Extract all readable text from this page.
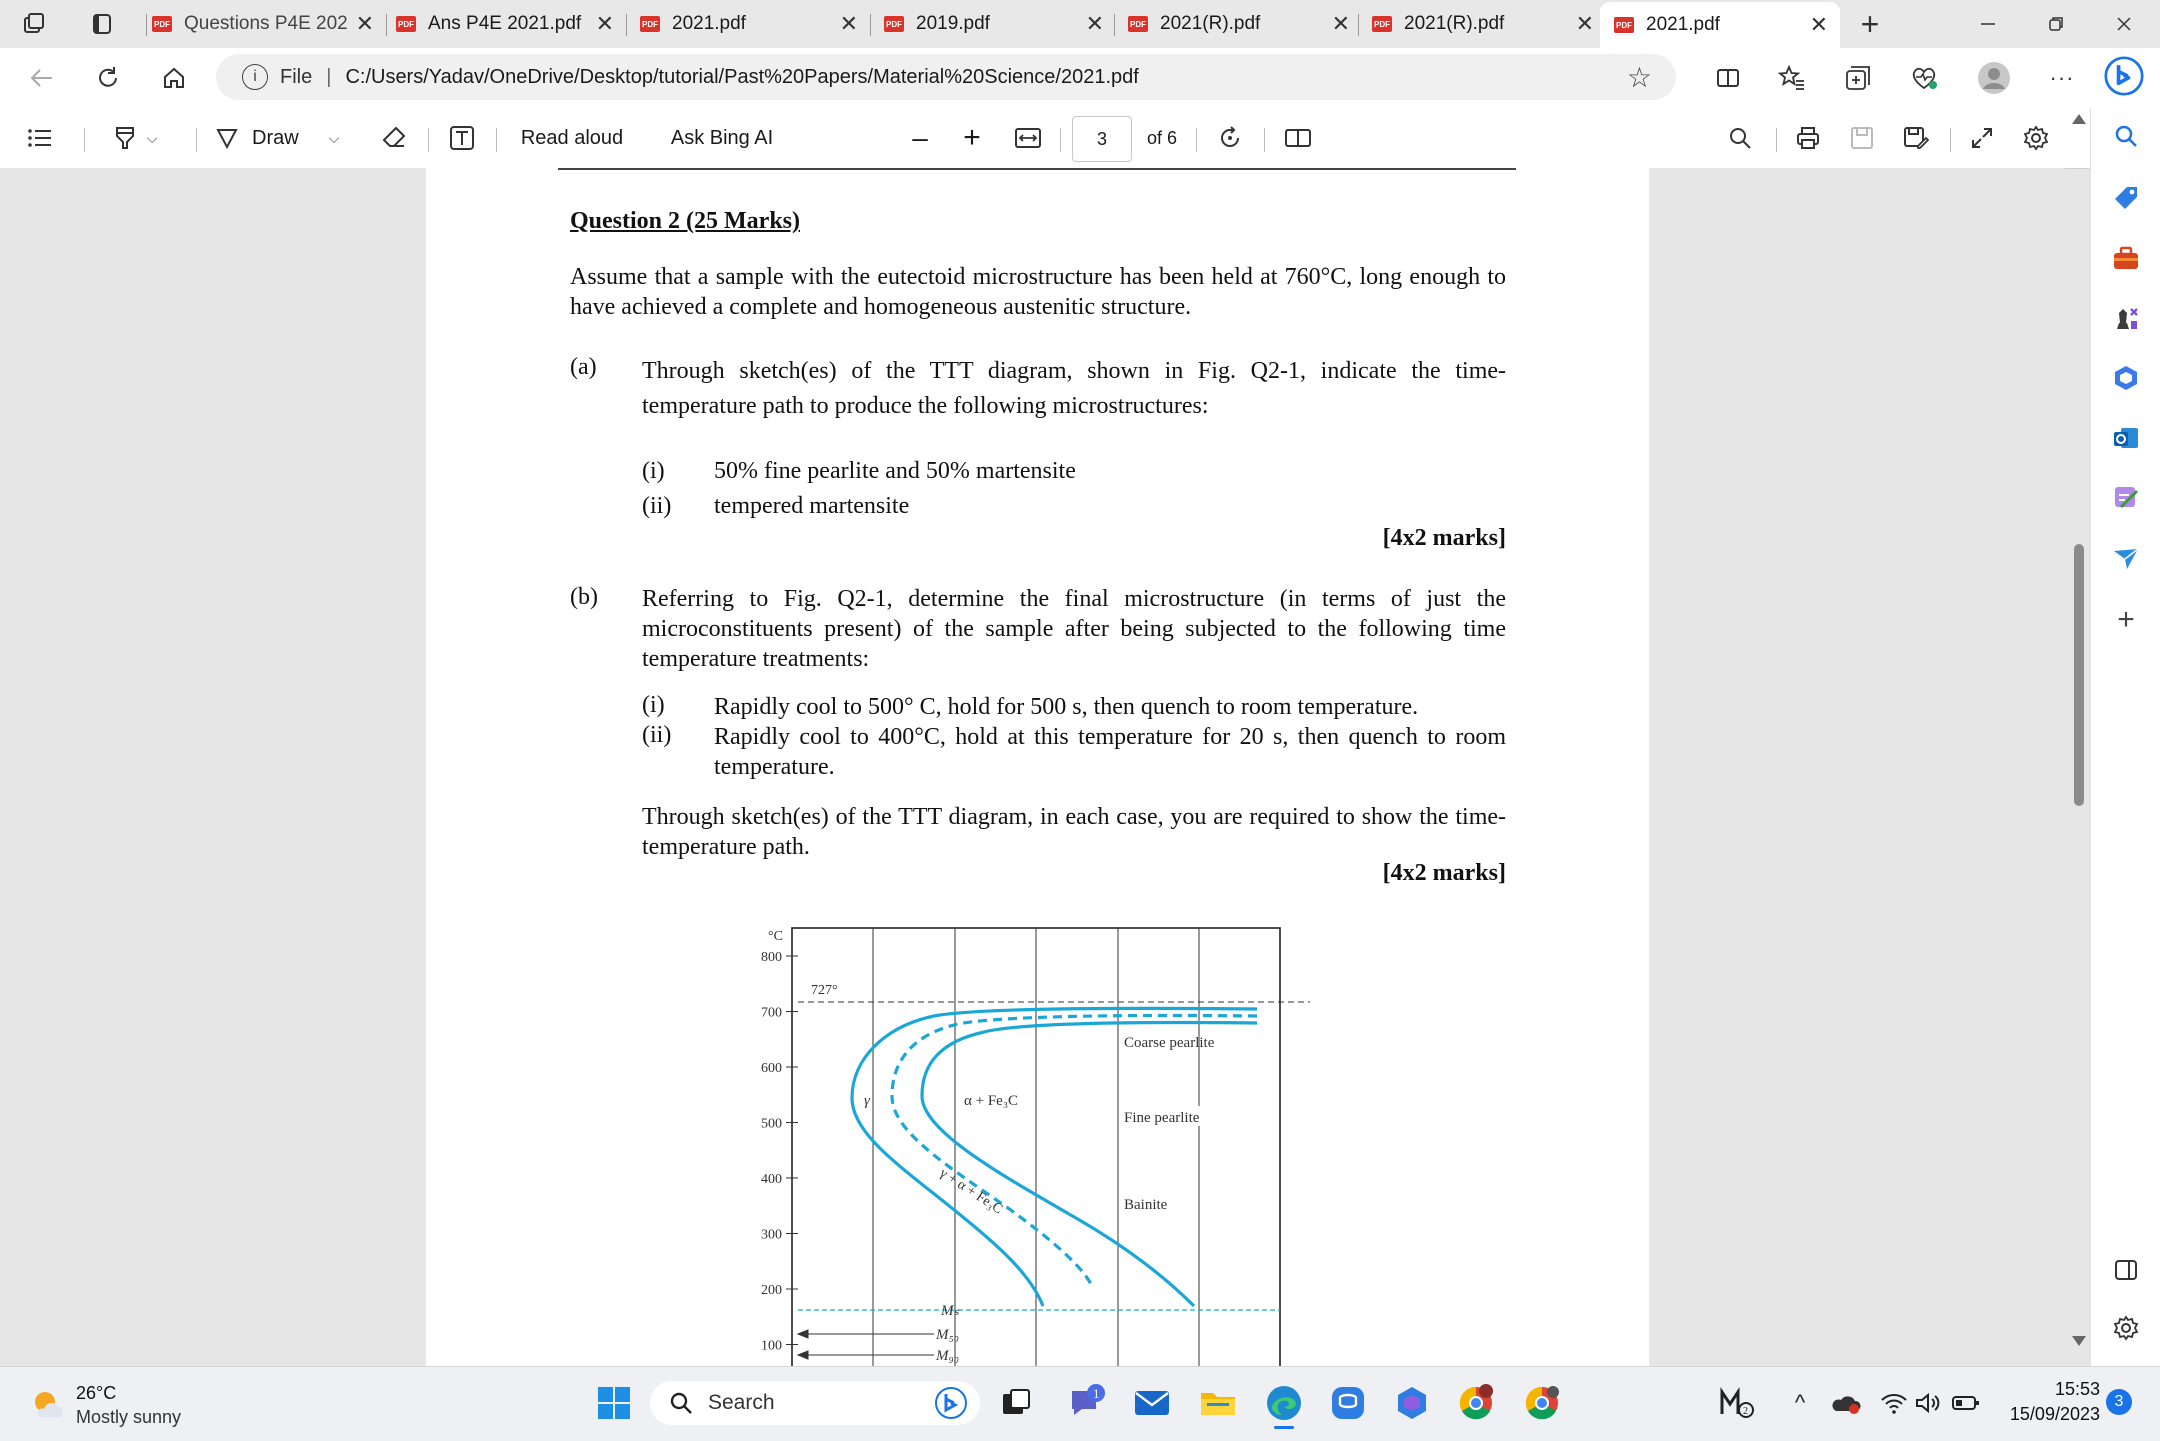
PDF Questions P4E 202 ✕	PDF Ans P4E 2021.pdf ✕	PDF 2021.pdf	✕	PDF 2019.pdf	✕	PDF 2021(R).pdf	✕	PDF 2021(R).pdf	✕	PDF 2021.pdf	✕	+
i	File | C:/Users/Yadav/OneDrive/Desktop/tutorial/Past%20Papers/Material%20Science/2021.pdf	☆	···
⌵	Draw ⌵	Read aloud Ask Bing AI	–	+	3 of 6
Question 2 (25 Marks)
Assume that a sample with the eutectoid microstructure has been held at 760°C, long enough to have achieved a complete and homogeneous austenitic structure.
(a) Through sketch(es) of the TTT diagram, shown in Fig. Q2-1, indicate the time-temperature path to produce the following microstructures:
(i) 50% fine pearlite and 50% martensite
(ii) tempered martensite
[4x2 marks]
(b) Referring to Fig. Q2-1, determine the final microstructure (in terms of just the microconstituents present) of the sample after being subjected to the following time temperature treatments:
(i) Rapidly cool to 500° C, hold for 500 s, then quench to room temperature.
(ii) Rapidly cool to 400°C, hold at this temperature for 20 s, then quench to room temperature.
Through sketch(es) of the TTT diagram, in each case, you are required to show the time-temperature path.
[4x2 marks]
800
700
600
500
400
300
200
100
°C
727°
γ	α + Fe₃C
γ + α + Fe₃C
Coarse pearlite
Fine pearlite
Bainite
Mₛ
M₅₀
M₉₀
+
26°C
Mostly sunny
Search	1
2	^
15:53
15/09/2023
3
